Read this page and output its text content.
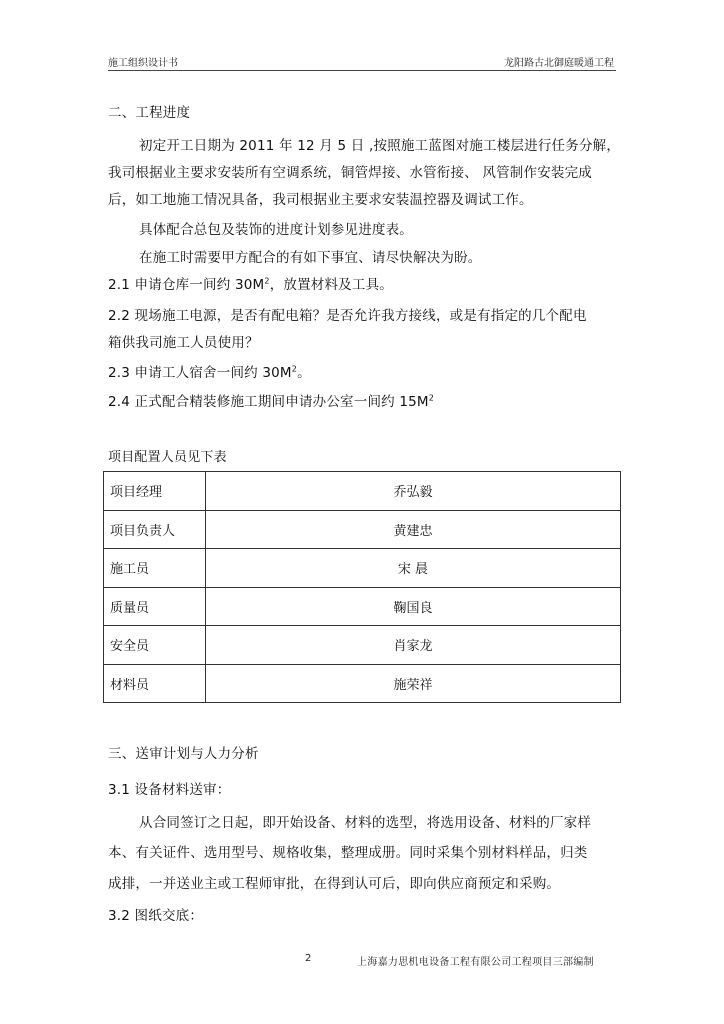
施工组织设计书	龙阳路古北御庭暖通工程
二、工程进度
初定开工日期为 2011 年 12 月 5 日 ,按照施工蓝图对施工楼层进行任务分解，
我司根据业主要求安装所有空调系统，铜管焊接、水管衔接、 风管制作安装完成
后，如工地施工情况具备，我司根据业主要求安装温控器及调试工作。
具体配合总包及装饰的进度计划参见进度表。
在施工时需要甲方配合的有如下事宜、请尽快解决为盼。
2.1 申请仓库一间约 $30M^2$，放置材料及工具。
2.2 现场施工电源，是否有配电箱？是否允许我方接线，或是有指定的几个配电
箱供我司施工人员使用？
2.3 申请工人宿舍一间约 $30M^2$。
2.4 正式配合精装修施工期间申请办公室一间约 $15M^2$
项目配置人员见下表
项目经理	乔弘毅
项目负责人	黄建忠
施工员	宋 晨
质量员	鞠国良
安全员	肖家龙
材料员	施荣祥
三、送审计划与人力分析
3.1 设备材料送审：
从合同签订之日起，即开始设备、材料的选型，将选用设备、材料的厂家样
本、有关证件、选用型号、规格收集，整理成册。同时采集个别材料样品，归类
成排，一并送业主或工程师审批，在得到认可后，即向供应商预定和采购。
3.2 图纸交底：
2	上海嘉力思机电设备工程有限公司工程项目三部编制
